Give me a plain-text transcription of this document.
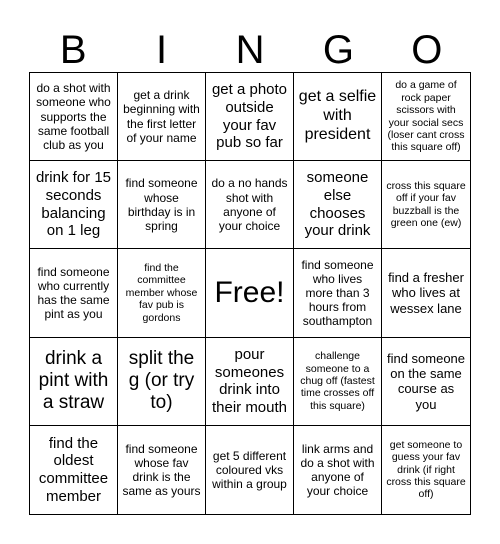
B	I	N	G	O
do a shot with someone who supports the same football club as you
get a drink beginning with the first letter of your name
get a photo outside your fav pub so far
get a selfie with president
do a game of rock paper scissors with your social secs (loser cant cross this square off)
drink for 15 seconds balancing on 1 leg
find someone whose birthday is in spring
do a no hands shot with anyone of your choice
someone else chooses your drink
cross this square off if your fav buzzball is the green one (ew)
find someone who currently has the same pint as you
find the committee member whose fav pub is gordons
Free!
find someone who lives more than 3 hours from southampton
find a fresher who lives at wessex lane
drink a pint with a straw
split the g (or try to)
pour someones drink into their mouth
challenge someone to a chug off (fastest time crosses off this square)
find someone on the same course as you
find the oldest committee member
find someone whose fav drink is the same as yours
get 5 different coloured vks within a group
link arms and do a shot with anyone of your choice
get someone to guess your fav drink (if right cross this square off)
